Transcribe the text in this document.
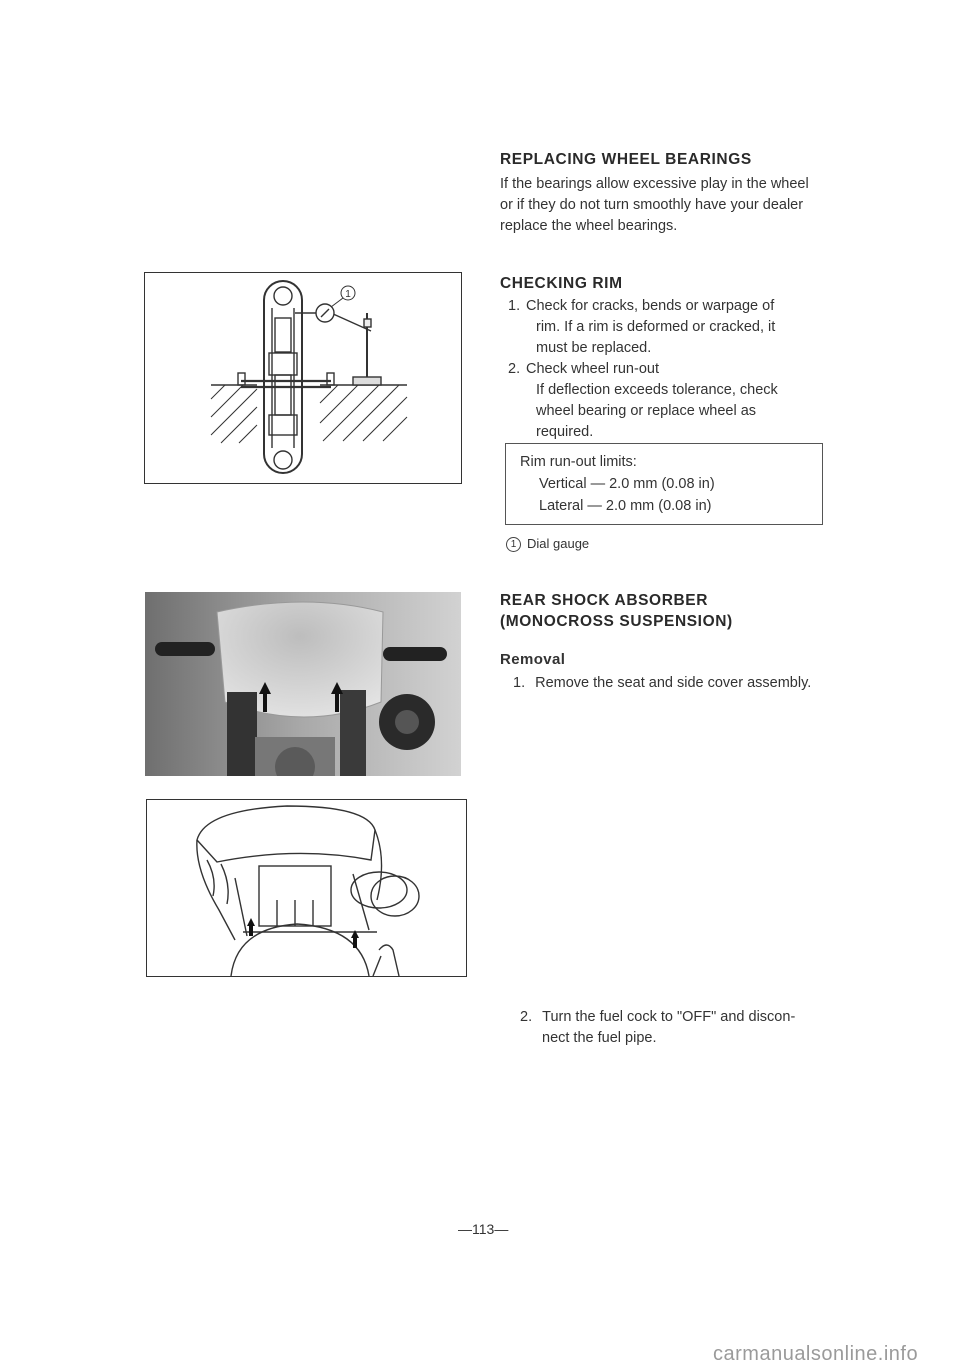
REPLACING WHEEL BEARINGS
If the bearings allow excessive play in the wheel
or if they do not turn smoothly have your dealer
replace the wheel bearings.
CHECKING RIM
1. Check for cracks, bends or warpage of
rim. If a rim is deformed or cracked, it
must be replaced.
2. Check wheel run-out
If deflection exceeds tolerance, check
wheel bearing or replace wheel as
required.
Rim run-out limits:
Vertical — 2.0 mm (0.08 in)
Lateral — 2.0 mm (0.08 in)
1 Dial gauge
REAR SHOCK ABSORBER
(MONOCROSS SUSPENSION)
Removal
1. Remove the seat and side cover assembly.
2. Turn the fuel cock to "OFF" and discon-
nect the fuel pipe.
1
—113—
carmanualsonline.info
